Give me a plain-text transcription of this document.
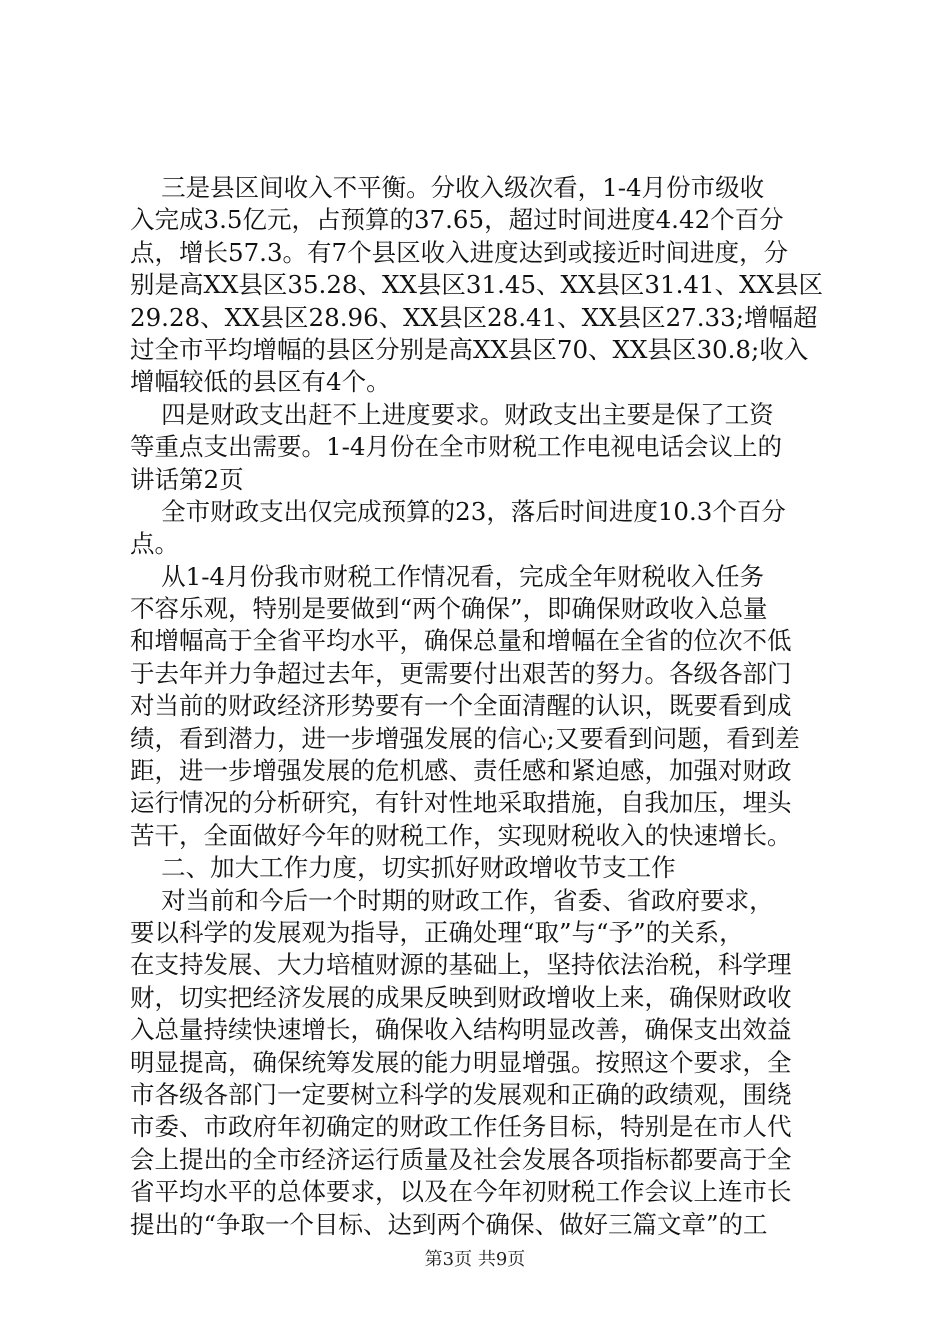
三是县区间收入不平衡。分收入级次看，1-4月份市级收
入完成3.5亿元，占预算的37.65，超过时间进度4.42个百分
点，增长57.3。有7个县区收入进度达到或接近时间进度，分
别是高XX县区35.28、XX县区31.45、XX县区31.41、XX县区
29.28、XX县区28.96、XX县区28.41、XX县区27.33;增幅超
过全市平均增幅的县区分别是高XX县区70、XX县区30.8;收入
增幅较低的县区有4个。
四是财政支出赶不上进度要求。财政支出主要是保了工资
等重点支出需要。1-4月份在全市财税工作电视电话会议上的
讲话第2页
全市财政支出仅完成预算的23，落后时间进度10.3个百分
点。
从1-4月份我市财税工作情况看，完成全年财税收入任务
不容乐观，特别是要做到“两个确保”，即确保财政收入总量
和增幅高于全省平均水平，确保总量和增幅在全省的位次不低
于去年并力争超过去年，更需要付出艰苦的努力。各级各部门
对当前的财政经济形势要有一个全面清醒的认识，既要看到成
绩，看到潜力，进一步增强发展的信心;又要看到问题，看到差
距，进一步增强发展的危机感、责任感和紧迫感，加强对财政
运行情况的分析研究，有针对性地采取措施，自我加压，埋头
苦干，全面做好今年的财税工作，实现财税收入的快速增长。
二、加大工作力度，切实抓好财政增收节支工作
对当前和今后一个时期的财政工作，省委、省政府要求，
要以科学的发展观为指导，正确处理“取”与“予”的关系，
在支持发展、大力培植财源的基础上，坚持依法治税，科学理
财，切实把经济发展的成果反映到财政增收上来，确保财政收
入总量持续快速增长，确保收入结构明显改善，确保支出效益
明显提高，确保统筹发展的能力明显增强。按照这个要求，全
市各级各部门一定要树立科学的发展观和正确的政绩观，围绕
市委、市政府年初确定的财政工作任务目标，特别是在市人代
会上提出的全市经济运行质量及社会发展各项指标都要高于全
省平均水平的总体要求，以及在今年初财税工作会议上连市长
提出的“争取一个目标、达到两个确保、做好三篇文章”的工
第3页 共9页
